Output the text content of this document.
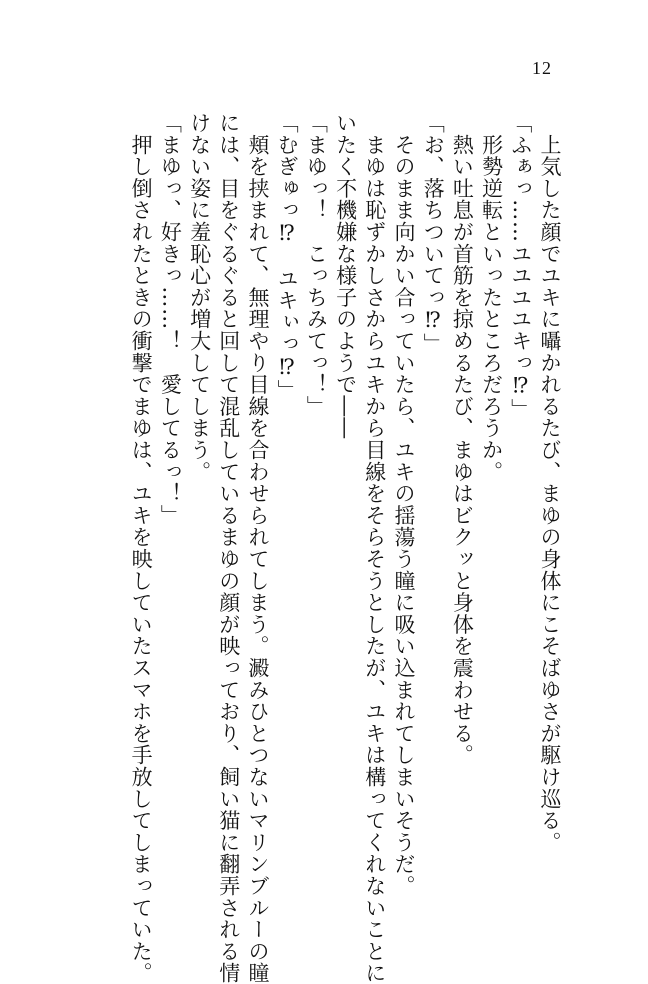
12

　上気した顔でユキに囁かれるたび、まゆの身体にこそばゆさが駆け巡る。

「ふぁっ……ユユユユキっ⁉」

　形勢逆転といったところだろうか。

　熱い吐息が首筋を掠めるたび、まゆはビクッと身体を震わせる。

「お、落ちついてっ⁉」

　そのまま向かい合っていたら、ユキの揺蕩う瞳に吸い込まれてしまいそうだ。

　まゆは恥ずかしさからユキから目線をそらそうとしたが、ユキは構ってくれないことに

いたく不機嫌な様子のようで――

「まゆっ！　こっちみてっ！」

「むぎゅっ⁉　ユキぃっ⁉」

　頬を挟まれて、無理やり目線を合わせられてしまう。澱みひとつないマリンブルーの瞳

には、目をぐるぐると回して混乱しているまゆの顔が映っており、飼い猫に翻弄される情

けない姿に羞恥心が増大してしまう。

「まゆっ、好きっ……！　愛してるっ！」

　押し倒されたときの衝撃でまゆは、ユキを映していたスマホを手放してしまっていた。
